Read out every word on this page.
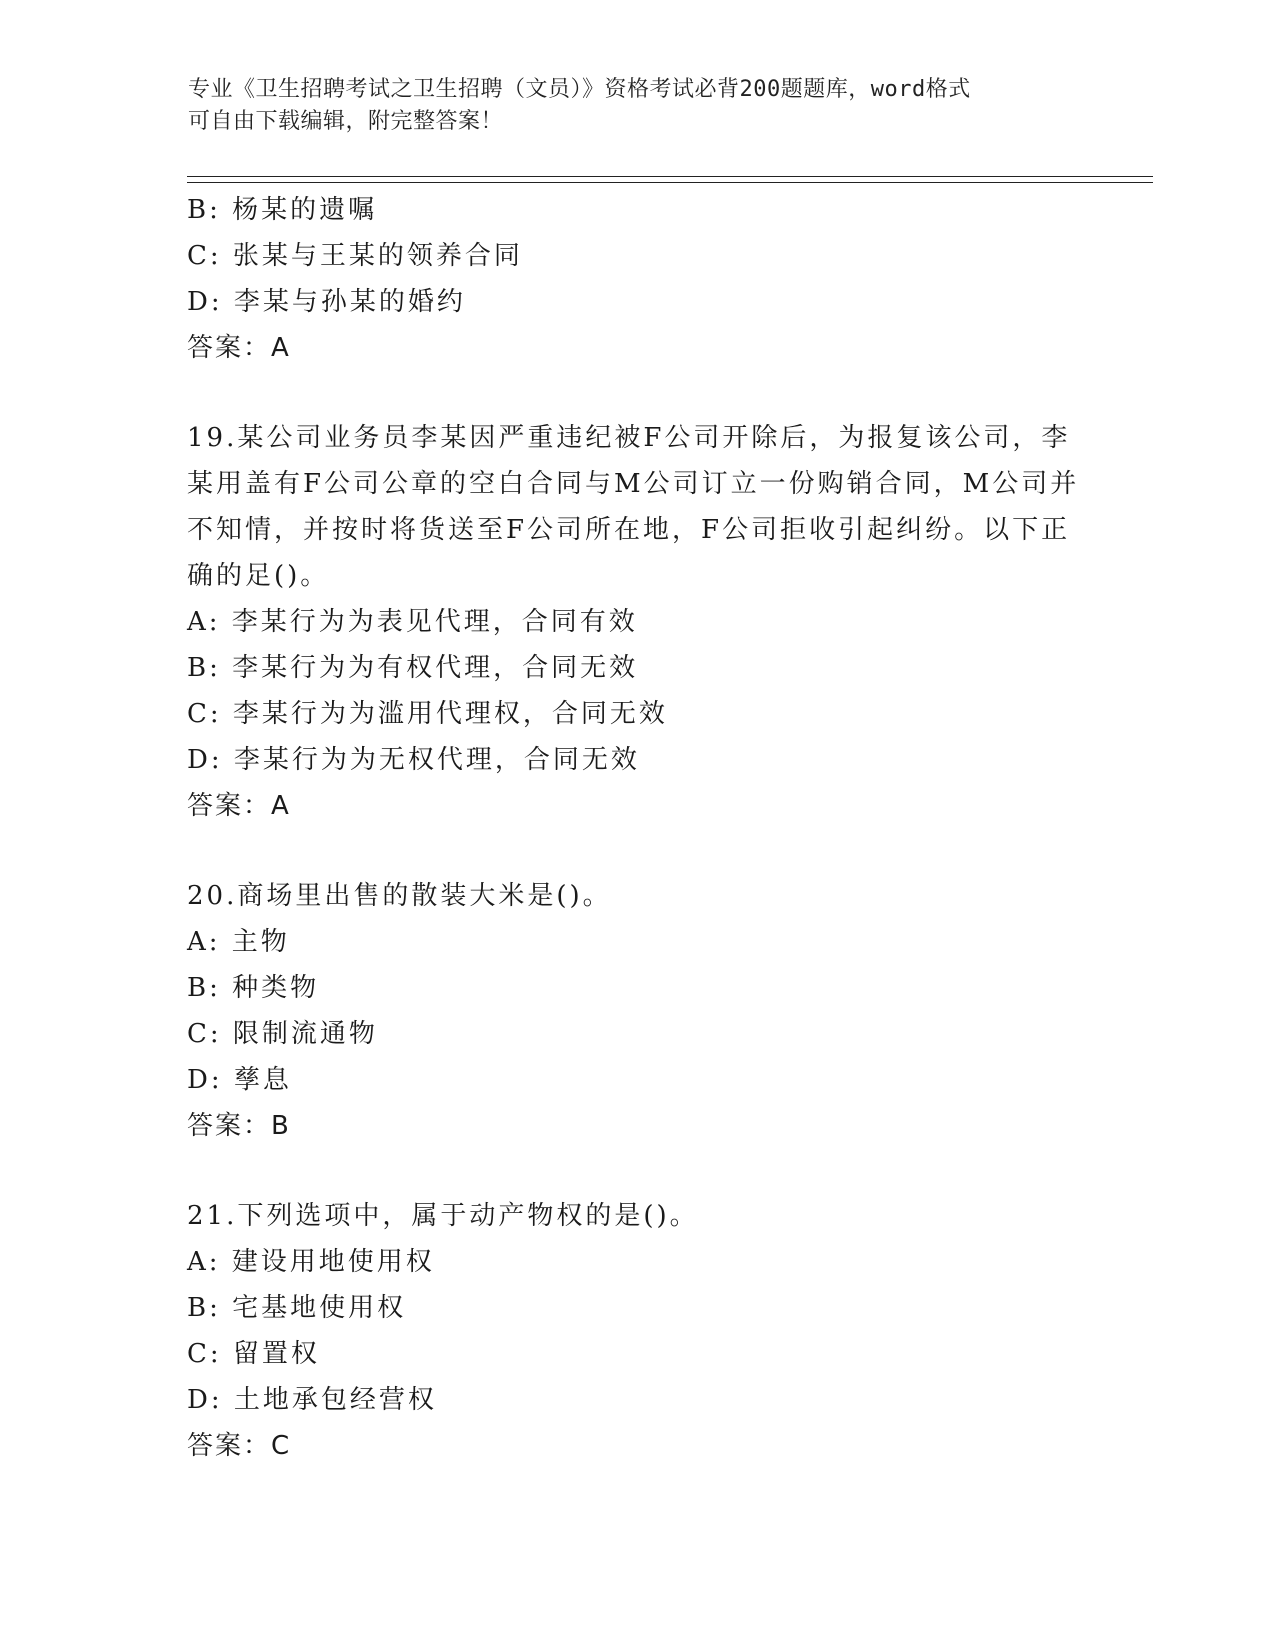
专业《卫生招聘考试之卫生招聘（文员）》资格考试必背200题题库，word格式
可自由下载编辑，附完整答案！
B: 杨某的遗嘱
C: 张某与王某的领养合同
D: 李某与孙某的婚约
答案：A
19.某公司业务员李某因严重违纪被F公司开除后，为报复该公司，李
某用盖有F公司公章的空白合同与M公司订立一份购销合同，M公司并
不知情，并按时将货送至F公司所在地，F公司拒收引起纠纷。以下正
确的足()。
A: 李某行为为表见代理，合同有效
B: 李某行为为有权代理，合同无效
C: 李某行为为滥用代理权，合同无效
D: 李某行为为无权代理，合同无效
答案：A
20.商场里出售的散装大米是()。
A: 主物
B: 种类物
C: 限制流通物
D: 孳息
答案：B
21.下列选项中，属于动产物权的是()。
A: 建设用地使用权
B: 宅基地使用权
C: 留置权
D: 土地承包经营权
答案：C
